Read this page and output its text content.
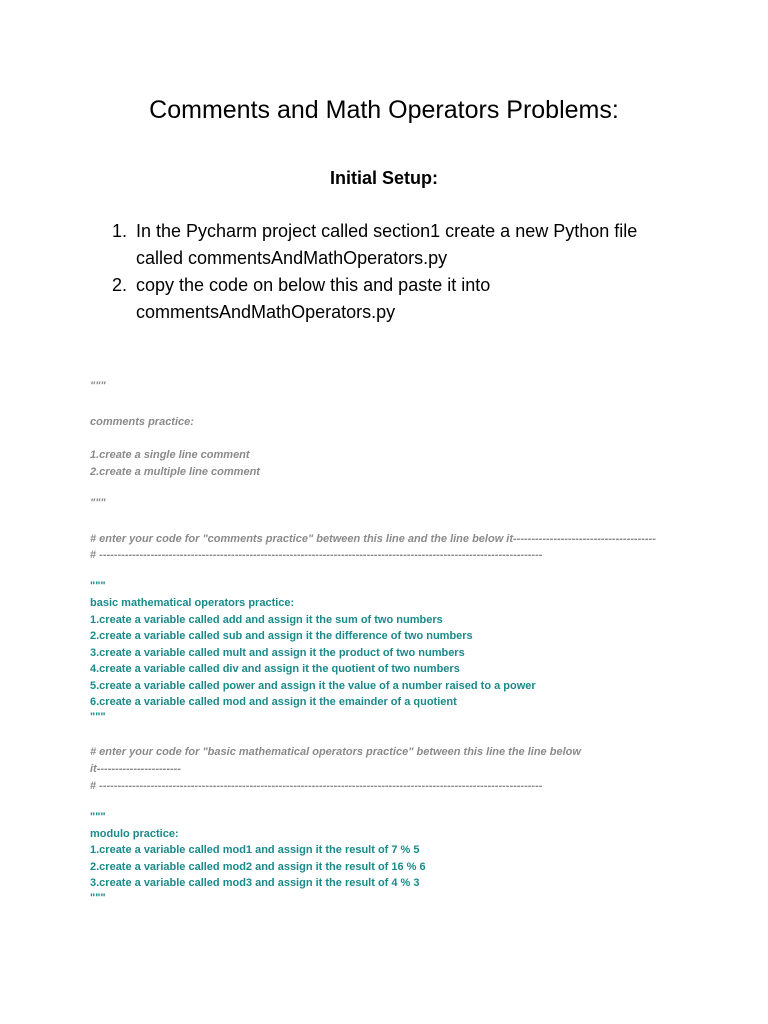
Comments and Math Operators Problems:
Initial Setup:
1. In the Pycharm project called section1 create a new Python file
called commentsAndMathOperators.py
2. copy the code on below this and paste it into
commentsAndMathOperators.py
"""
comments practice:
1.create a single line comment
2.create a multiple line comment
"""
# enter your code for "comments practice" between this line and the line below it---------------------------------------
# -------------------------------------------------------------------------------------------------------------------------
"""
basic mathematical operators practice:
1.create a variable called add and assign it the sum of two numbers
2.create a variable called sub and assign it the difference of two numbers
3.create a variable called mult and assign it the product of two numbers
4.create a variable called div and assign it the quotient of two numbers
5.create a variable called power and assign it the value of a number raised to a power
6.create a variable called mod and assign it the emainder of a quotient
"""
# enter your code for "basic mathematical operators practice" between this line the line below
it-----------------------
# -------------------------------------------------------------------------------------------------------------------------
"""
modulo practice:
1.create a variable called mod1 and assign it the result of 7 % 5
2.create a variable called mod2 and assign it the result of 16 % 6
3.create a variable called mod3 and assign it the result of 4 % 3
"""
